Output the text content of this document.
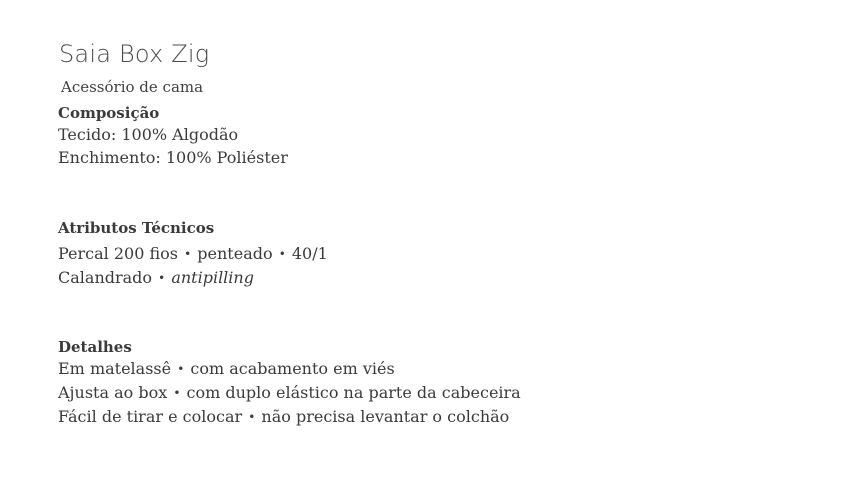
Saia Box Zig
Acessório de cama
Composição
Tecido: 100% Algodão
Enchimento: 100% Poliéster
Atributos Técnicos
Percal 200 fios • penteado • 40/1
Calandrado • antipilling
Detalhes
Em matelassê • com acabamento em viés
Ajusta ao box • com duplo elástico na parte da cabeceira
Fácil de tirar e colocar • não precisa levantar o colchão
